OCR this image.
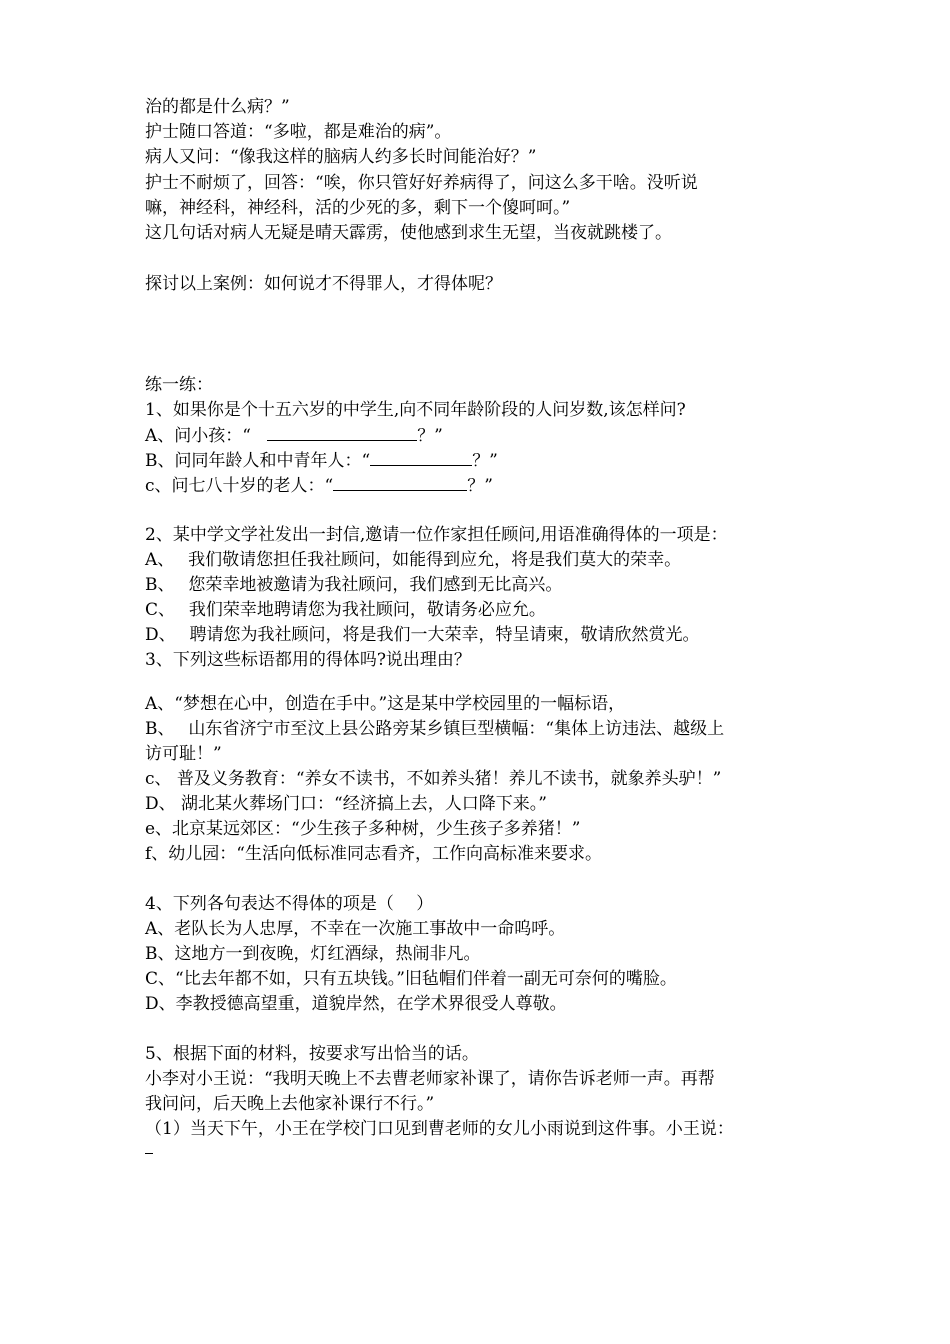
治的都是什么病？”

护士随口答道：“多啦，都是难治的病”。

病人又问：“像我这样的脑病人约多长时间能治好？”

护士不耐烦了，回答：“唉，你只管好好养病得了，问这么多干啥。没听说

嘛，神经科，神经科，活的少死的多，剩下一个傻呵呵。”

这几句话对病人无疑是晴天霹雳，使他感到求生无望，当夜就跳楼了。

探讨以上案例：如何说才不得罪人，才得体呢？

练一练：

1、如果你是个十五六岁的中学生,向不同年龄阶段的人问岁数,该怎样问?

A、问小孩：“	？”

B、问同年龄人和中青年人：“	？”

c、问七八十岁的老人：“	？”

2、某中学文学社发出一封信,邀请一位作家担任顾问,用语准确得体的一项是：

A、　 我们敬请您担任我社顾问，如能得到应允，将是我们莫大的荣幸。

B、　 您荣幸地被邀请为我社顾问，我们感到无比高兴。

C、　 我们荣幸地聘请您为我社顾问，敬请务必应允。

D、　 聘请您为我社顾问，将是我们一大荣幸，特呈请柬，敬请欣然赏光。

3、下列这些标语都用的得体吗?说出理由？

A、“梦想在心中，创造在手中。”这是某中学校园里的一幅标语，

B、　 山东省济宁市至汶上县公路旁某乡镇巨型横幅：“集体上访违法、越级上

访可耻！”

c、 普及义务教育：“养女不读书，不如养头猪！养儿不读书，就象养头驴！”

D、 湖北某火葬场门口：“经济搞上去，人口降下来。”

e、北京某远郊区：“少生孩子多种树，少生孩子多养猪！”

f、幼儿园：“生活向低标准同志看齐，工作向高标准来要求。

4、下列各句表达不得体的项是（　 ）

A、老队长为人忠厚，不幸在一次施工事故中一命呜呼。

B、这地方一到夜晚，灯红酒绿，热闹非凡。

C、“比去年都不如，只有五块钱。”旧毡帽们伴着一副无可奈何的嘴脸。

D、李教授德高望重，道貌岸然，在学术界很受人尊敬。

5、根据下面的材料，按要求写出恰当的话。

小李对小王说：“我明天晚上不去曹老师家补课了，请你告诉老师一声。再帮

我问问，后天晚上去他家补课行不行。”

（1）当天下午，小王在学校门口见到曹老师的女儿小雨说到这件事。小王说：
